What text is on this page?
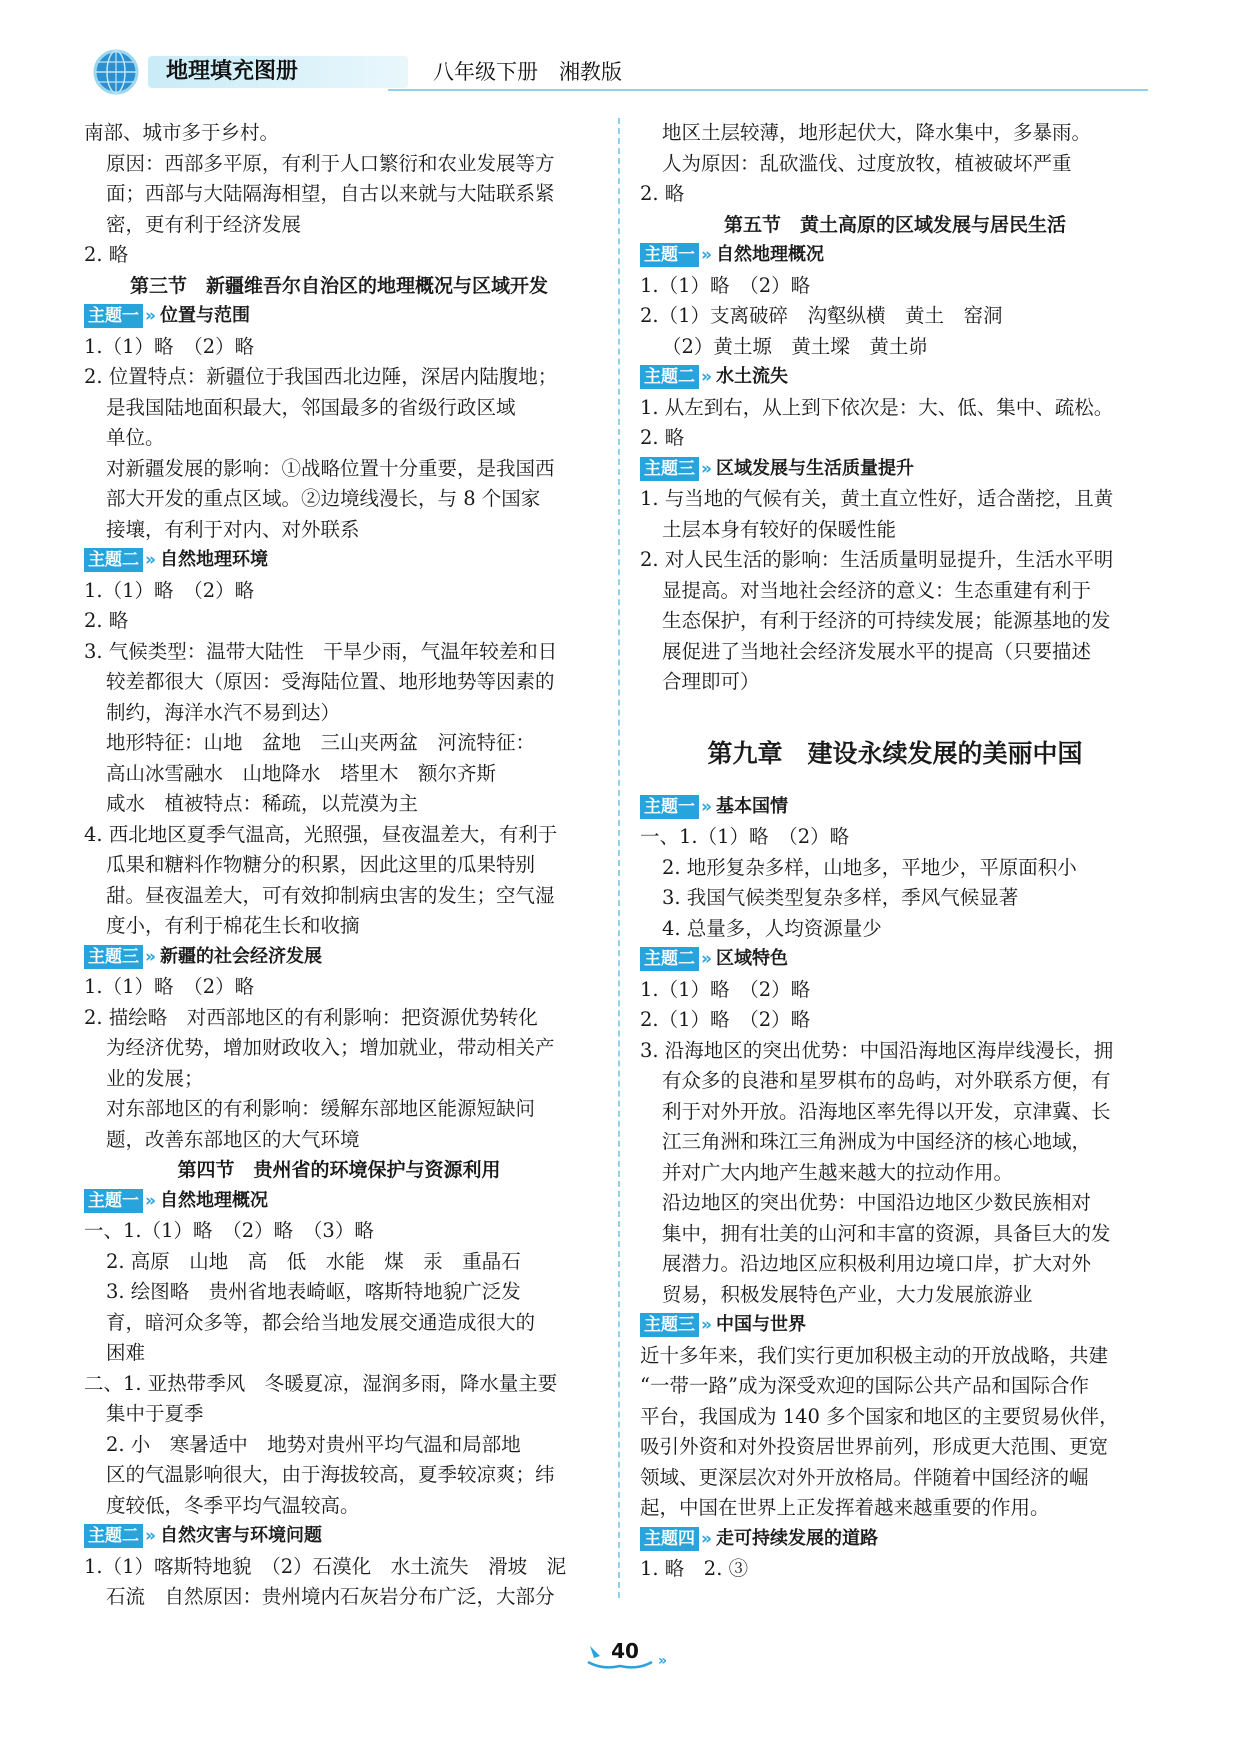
地理填充图册	八年级下册　湘教版
南部、城市多于乡村。
原因：西部多平原，有利于人口繁衍和农业发展等方
面；西部与大陆隔海相望，自古以来就与大陆联系紧
密，更有利于经济发展
2. 略
第三节　新疆维吾尔自治区的地理概况与区域开发
主题一 » 位置与范围
1.（1）略　（2）略
2. 位置特点：新疆位于我国西北边陲，深居内陆腹地；
是我国陆地面积最大，邻国最多的省级行政区域
单位。
对新疆发展的影响：①战略位置十分重要，是我国西
部大开发的重点区域。②边境线漫长，与 8 个国家
接壤，有利于对内、对外联系
主题二 » 自然地理环境
1.（1）略　（2）略
2. 略
3. 气候类型：温带大陆性　干旱少雨，气温年较差和日
较差都很大（原因：受海陆位置、地形地势等因素的
制约，海洋水汽不易到达）
地形特征：山地　盆地　三山夹两盆　河流特征：
高山冰雪融水　山地降水　塔里木　额尔齐斯
咸水　植被特点：稀疏，以荒漠为主
4. 西北地区夏季气温高，光照强，昼夜温差大，有利于
瓜果和糖料作物糖分的积累，因此这里的瓜果特别
甜。昼夜温差大，可有效抑制病虫害的发生；空气湿
度小，有利于棉花生长和收摘
主题三 » 新疆的社会经济发展
1.（1）略　（2）略
2. 描绘略　对西部地区的有利影响：把资源优势转化
为经济优势，增加财政收入；增加就业，带动相关产
业的发展；
对东部地区的有利影响：缓解东部地区能源短缺问
题，改善东部地区的大气环境
第四节　贵州省的环境保护与资源利用
主题一 » 自然地理概况
一、1.（1）略　（2）略　（3）略
2. 高原　山地　高　低　水能　煤　汞　重晶石
3. 绘图略　贵州省地表崎岖，喀斯特地貌广泛发
育，暗河众多等，都会给当地发展交通造成很大的
困难
二、1. 亚热带季风　冬暖夏凉，湿润多雨，降水量主要
集中于夏季
2. 小　寒暑适中　地势对贵州平均气温和局部地
区的气温影响很大，由于海拔较高，夏季较凉爽；纬
度较低，冬季平均气温较高。
主题二 » 自然灾害与环境问题
1.（1）喀斯特地貌　（2）石漠化　水土流失　滑坡　泥
石流　自然原因：贵州境内石灰岩分布广泛，大部分
地区土层较薄，地形起伏大，降水集中，多暴雨。
人为原因：乱砍滥伐、过度放牧，植被破坏严重
2. 略
第五节　黄土高原的区域发展与居民生活
主题一 » 自然地理概况
1.（1）略　（2）略
2.（1）支离破碎　沟壑纵横　黄土　窑洞
（2）黄土塬　黄土墚　黄土峁
主题二 » 水土流失
1. 从左到右，从上到下依次是：大、低、集中、疏松。
2. 略
主题三 » 区域发展与生活质量提升
1. 与当地的气候有关，黄土直立性好，适合凿挖，且黄
土层本身有较好的保暖性能
2. 对人民生活的影响：生活质量明显提升，生活水平明
显提高。对当地社会经济的意义：生态重建有利于
生态保护，有利于经济的可持续发展；能源基地的发
展促进了当地社会经济发展水平的提高（只要描述
合理即可）
第九章　建设永续发展的美丽中国
主题一 » 基本国情
一、1.（1）略　（2）略
2. 地形复杂多样，山地多，平地少，平原面积小
3. 我国气候类型复杂多样，季风气候显著
4. 总量多，人均资源量少
主题二 » 区域特色
1.（1）略　（2）略
2.（1）略　（2）略
3. 沿海地区的突出优势：中国沿海地区海岸线漫长，拥
有众多的良港和星罗棋布的岛屿，对外联系方便，有
利于对外开放。沿海地区率先得以开发，京津冀、长
江三角洲和珠江三角洲成为中国经济的核心地域，
并对广大内地产生越来越大的拉动作用。
沿边地区的突出优势：中国沿边地区少数民族相对
集中，拥有壮美的山河和丰富的资源，具备巨大的发
展潜力。沿边地区应积极利用边境口岸，扩大对外
贸易，积极发展特色产业，大力发展旅游业
主题三 » 中国与世界
近十多年来，我们实行更加积极主动的开放战略，共建
“一带一路”成为深受欢迎的国际公共产品和国际合作
平台，我国成为 140 多个国家和地区的主要贸易伙伴，
吸引外资和对外投资居世界前列，形成更大范围、更宽
领域、更深层次对外开放格局。伴随着中国经济的崛
起，中国在世界上正发挥着越来越重要的作用。
主题四 » 走可持续发展的道路
1. 略　2. ③
40 »
